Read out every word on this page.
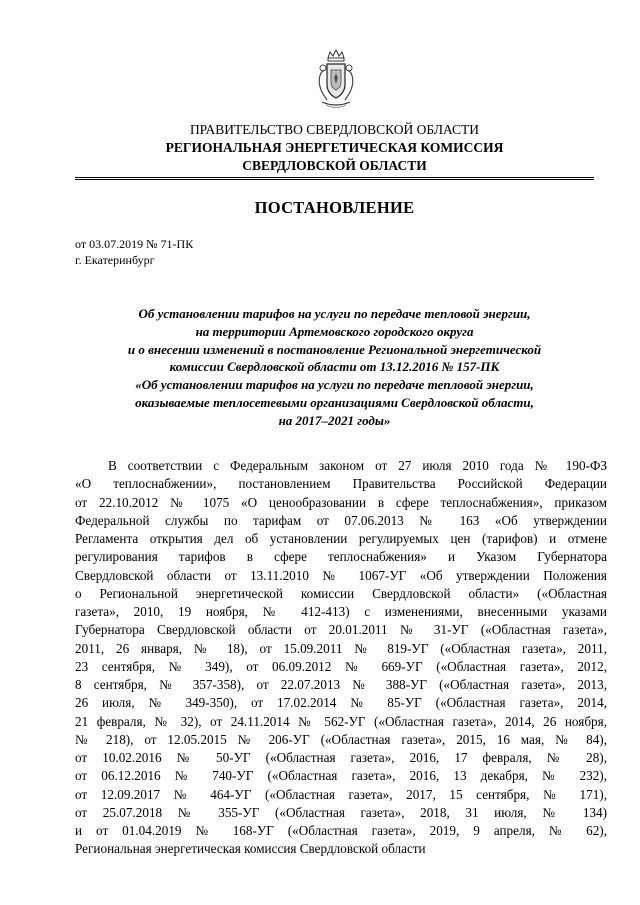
ПРАВИТЕЛЬСТВО СВЕРДЛОВСКОЙ ОБЛАСТИ
РЕГИОНАЛЬНАЯ ЭНЕРГЕТИЧЕСКАЯ КОМИССИЯ
СВЕРДЛОВСКОЙ ОБЛАСТИ
ПОСТАНОВЛЕНИЕ
от 03.07.2019 № 71-ПК
г. Екатеринбург
Об установлении тарифов на услуги по передаче тепловой энергии,
на территории Артемовского городского округа
и о внесении изменений в постановление Региональной энергетической
комиссии Свердловской области от 13.12.2016 № 157-ПК
«Об установлении тарифов на услуги по передаче тепловой энергии,
оказываемые теплосетевыми организациями Свердловской области,
на 2017–2021 годы»
В соответствии с Федеральным законом от 27 июля 2010 года № 190-ФЗ
«О теплоснабжении», постановлением Правительства Российской Федерации
от 22.10.2012 № 1075 «О ценообразовании в сфере теплоснабжения», приказом
Федеральной службы по тарифам от 07.06.2013 № 163 «Об утверждении
Регламента открытия дел об установлении регулируемых цен (тарифов) и отмене
регулирования тарифов в сфере теплоснабжения» и Указом Губернатора
Свердловской области от 13.11.2010 № 1067-УГ «Об утверждении Положения
о Региональной энергетической комиссии Свердловской области» («Областная
газета», 2010, 19 ноября, № 412-413) с изменениями, внесенными указами
Губернатора Свердловской области от 20.01.2011 № 31-УГ («Областная газета»,
2011, 26 января, № 18), от 15.09.2011 № 819-УГ («Областная газета», 2011,
23 сентября, № 349), от 06.09.2012 № 669-УГ («Областная газета», 2012,
8 сентября, № 357-358), от 22.07.2013 № 388-УГ («Областная газета», 2013,
26 июля, № 349-350), от 17.02.2014 № 85-УГ («Областная газета», 2014,
21 февраля, № 32), от 24.11.2014 № 562-УГ («Областная газета», 2014, 26 ноября,
№ 218), от 12.05.2015 № 206-УГ («Областная газета», 2015, 16 мая, № 84),
от 10.02.2016 № 50-УГ («Областная газета», 2016, 17 февраля, № 28),
от 06.12.2016 № 740-УГ («Областная газета», 2016, 13 декабря, № 232),
от 12.09.2017 № 464-УГ («Областная газета», 2017, 15 сентября, № 171),
от 25.07.2018 № 355-УГ («Областная газета», 2018, 31 июля, № 134)
и от 01.04.2019 № 168-УГ («Областная газета», 2019, 9 апреля, № 62),
Региональная энергетическая комиссия Свердловской области
